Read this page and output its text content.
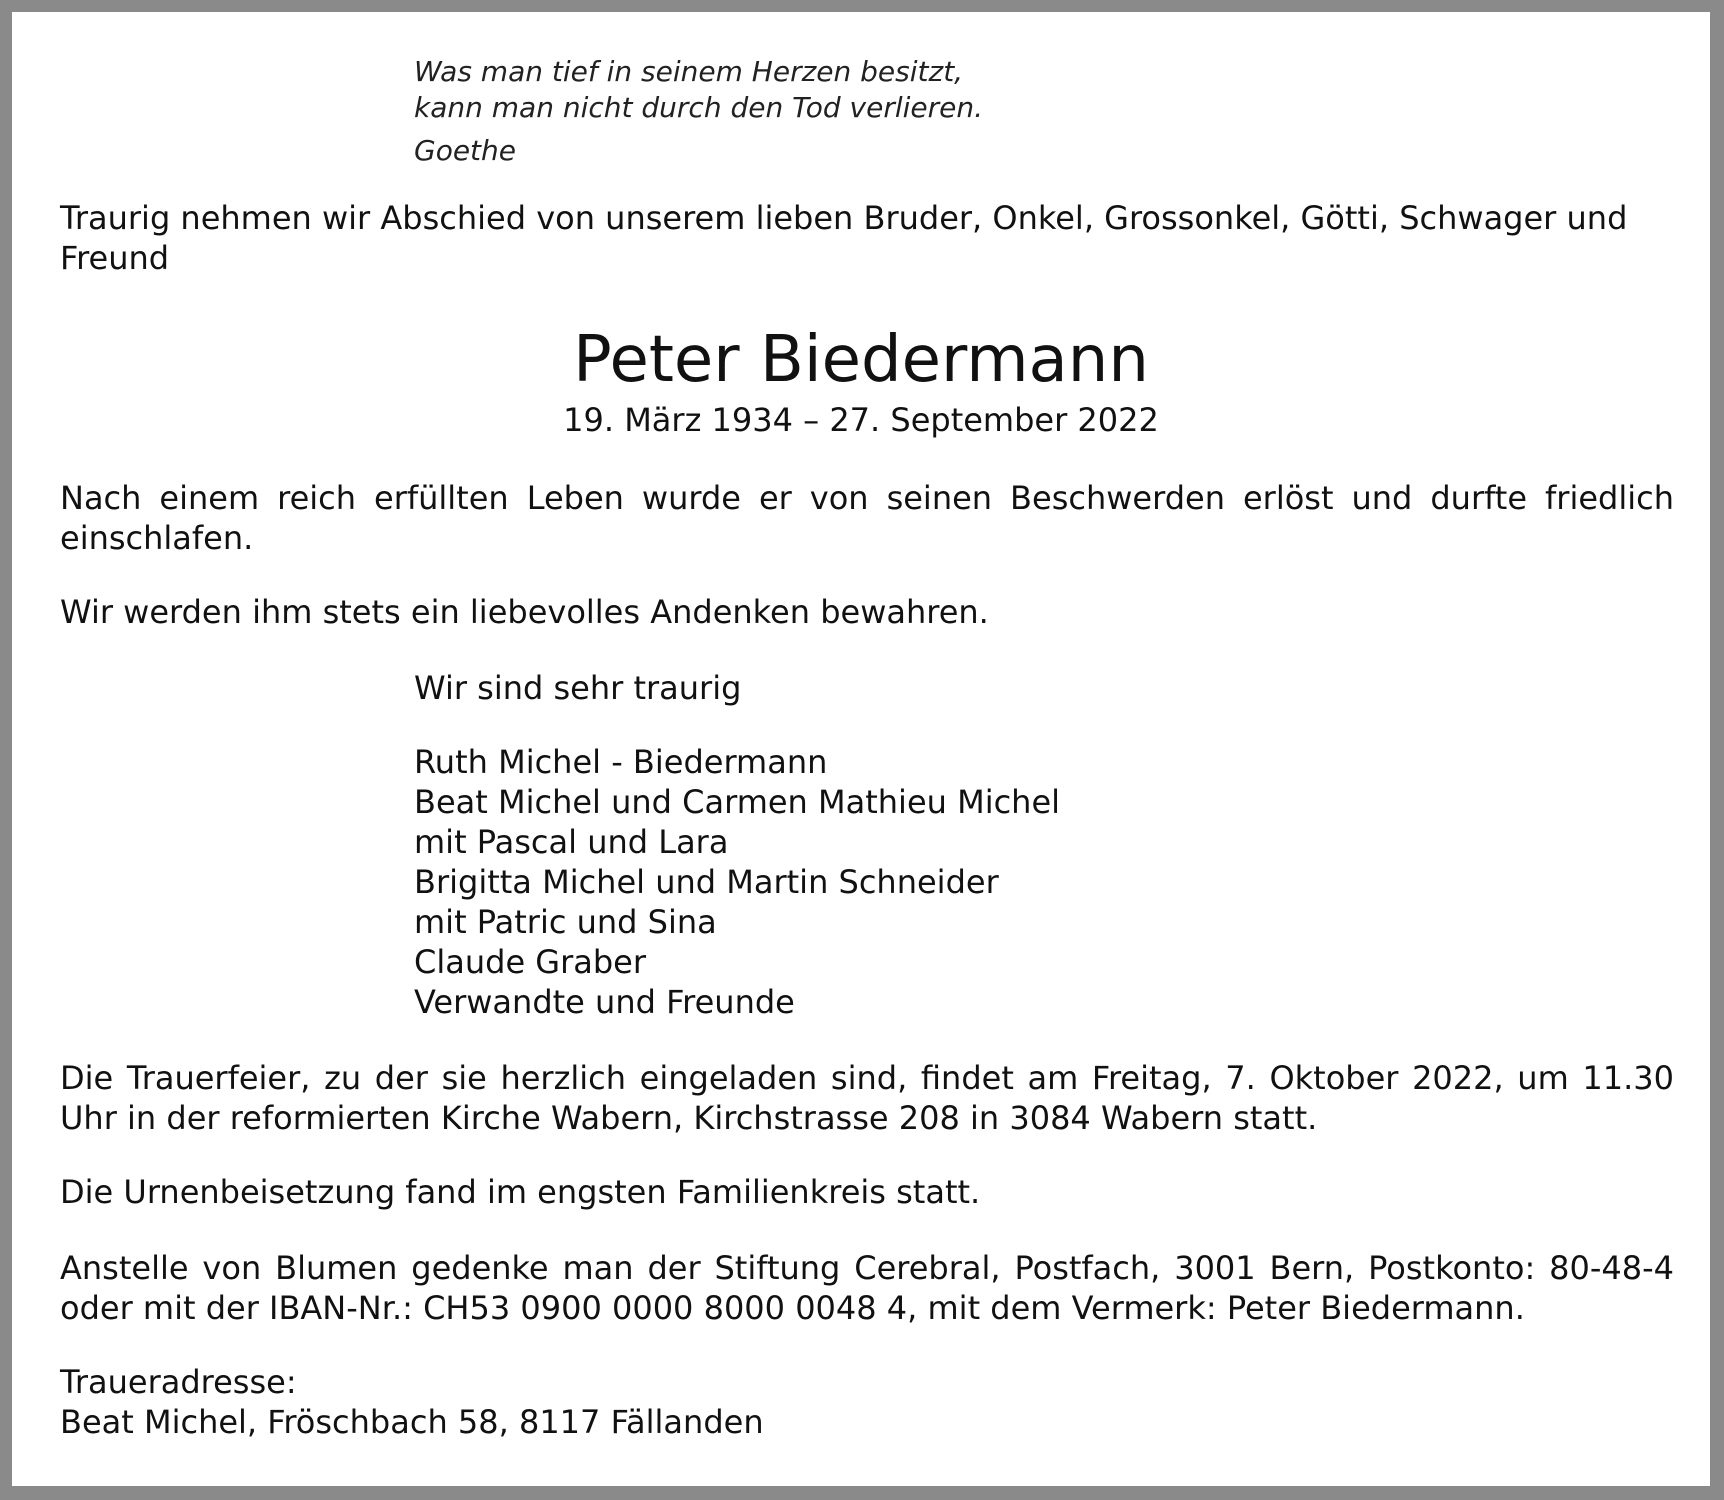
Was man tief in seinem Herzen besitzt,
kann man nicht durch den Tod verlieren.
Goethe

Traurig nehmen wir Abschied von unserem lieben Bruder, Onkel, Grossonkel, Götti, Schwager und Freund

Peter Biedermann
19. März 1934 – 27. September 2022

Nach einem reich erfüllten Leben wurde er von seinen Beschwerden erlöst und durfte friedlich einschlafen.

Wir werden ihm stets ein liebevolles Andenken bewahren.

Wir sind sehr traurig
Ruth Michel - Biedermann
Beat Michel und Carmen Mathieu Michel
mit Pascal und Lara
Brigitta Michel und Martin Schneider
mit Patric und Sina
Claude Graber
Verwandte und Freunde

Die Trauerfeier, zu der sie herzlich eingeladen sind, findet am Freitag, 7. Oktober 2022, um 11.30 Uhr in der reformierten Kirche Wabern, Kirchstrasse 208 in 3084 Wabern statt.

Die Urnenbeisetzung fand im engsten Familienkreis statt.

Anstelle von Blumen gedenke man der Stiftung Cerebral, Postfach, 3001 Bern, Postkonto: 80-48-4 oder mit der IBAN-Nr.: CH53 0900 0000 8000 0048 4, mit dem Vermerk: Peter Biedermann.

Traueradresse:
Beat Michel, Fröschbach 58, 8117 Fällanden
